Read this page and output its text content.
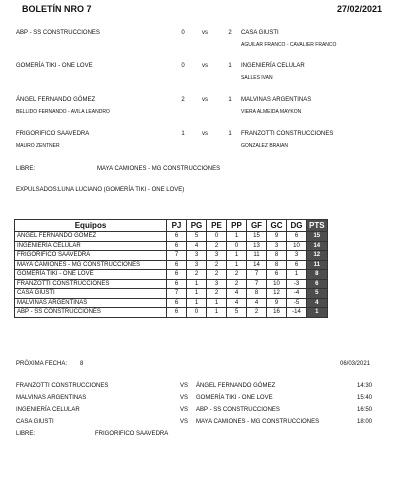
BOLETÍN NRO 7	27/02/2021
ABP - SS CONSTRUCCIONES	0	vs	2 CASA GIUSTI
AGUILAR FRANCO - CAVALIER FRANCO
GOMERÍA TIKI - ONE LOVE	0	vs	1 INGENIERÍA CELULAR
SALLES IVAN
ÁNGEL FERNANDO GÓMEZ	2	vs	1 MALVINAS ARGENTINAS
BELLIDO FERNANDO - AVILA LEANDRO	VIERA ALMEIDA MAYKON
FRIGORIFICO SAAVEDRA	1	vs	1 FRANZOTTI CONSTRUCCIONES
MAURO ZENTNER	GONZALEZ BRAIAN
LIBRE:	MAYA CAMIONES - MG CONSTRUCCIONES
EXPULSADOS: LUNA LUCIANO (GOMERÍA TIKI - ONE LOVE)
Equipos	PJ	PG	PE	PP	GF	GC	DG	PTS
ÁNGEL FERNANDO GÓMEZ	6	5	0	1	15	9	6	15
INGENIERÍA CELULAR	6	4	2	0	13	3	10	14
FRIGORIFICO SAAVEDRA	7	3	3	1	11	8	3	12
MAYA CAMIONES - MG CONSTRUCCIONES	6	3	2	1	14	8	6	11
GOMERÍA TIKI - ONE LOVE	6	2	2	2	7	6	1	8
FRANZOTTI CONSTRUCCIONES	6	1	3	2	7	10	-3	6
CASA GIUSTI	7	1	2	4	8	12	-4	5
MALVINAS ARGENTINAS	6	1	1	4	4	9	-5	4
ABP - SS CONSTRUCCIONES	6	0	1	5	2	16	-14	1
PRÓXIMA FECHA: 8	06/03/2021
FRANZOTTI CONSTRUCCIONES	VS ÁNGEL FERNANDO GÓMEZ	14:30
MALVINAS ARGENTINAS	VS GOMERÍA TIKI - ONE LOVE	15:40
INGENIERÍA CELULAR	VS ABP - SS CONSTRUCCIONES	16:50
CASA GIUSTI	VS MAYA CAMIONES - MG CONSTRUCCIONES	18:00
LIBRE:	FRIGORIFICO SAAVEDRA
